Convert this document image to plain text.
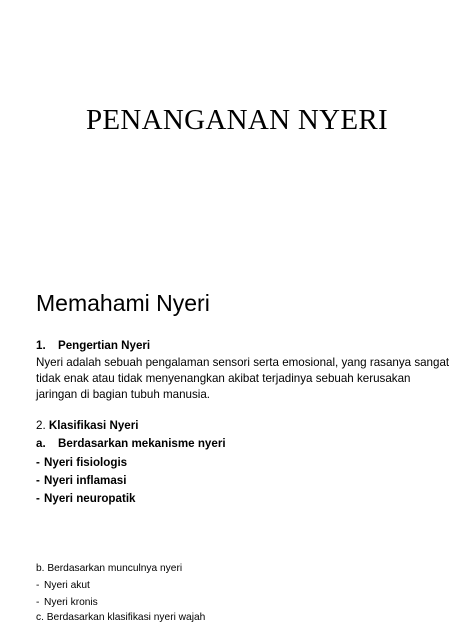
PENANGANAN NYERI
Memahami Nyeri
1. Pengertian Nyeri
Nyeri adalah sebuah pengalaman sensori serta emosional, yang rasanya sangat
tidak enak atau tidak menyenangkan akibat terjadinya sebuah kerusakan
jaringan di bagian tubuh manusia.
2. Klasifikasi Nyeri
a. Berdasarkan mekanisme nyeri
- Nyeri fisiologis
- Nyeri inflamasi
- Nyeri neuropatik
b. Berdasarkan munculnya nyeri
- Nyeri akut
- Nyeri kronis
c. Berdasarkan klasifikasi nyeri wajah
